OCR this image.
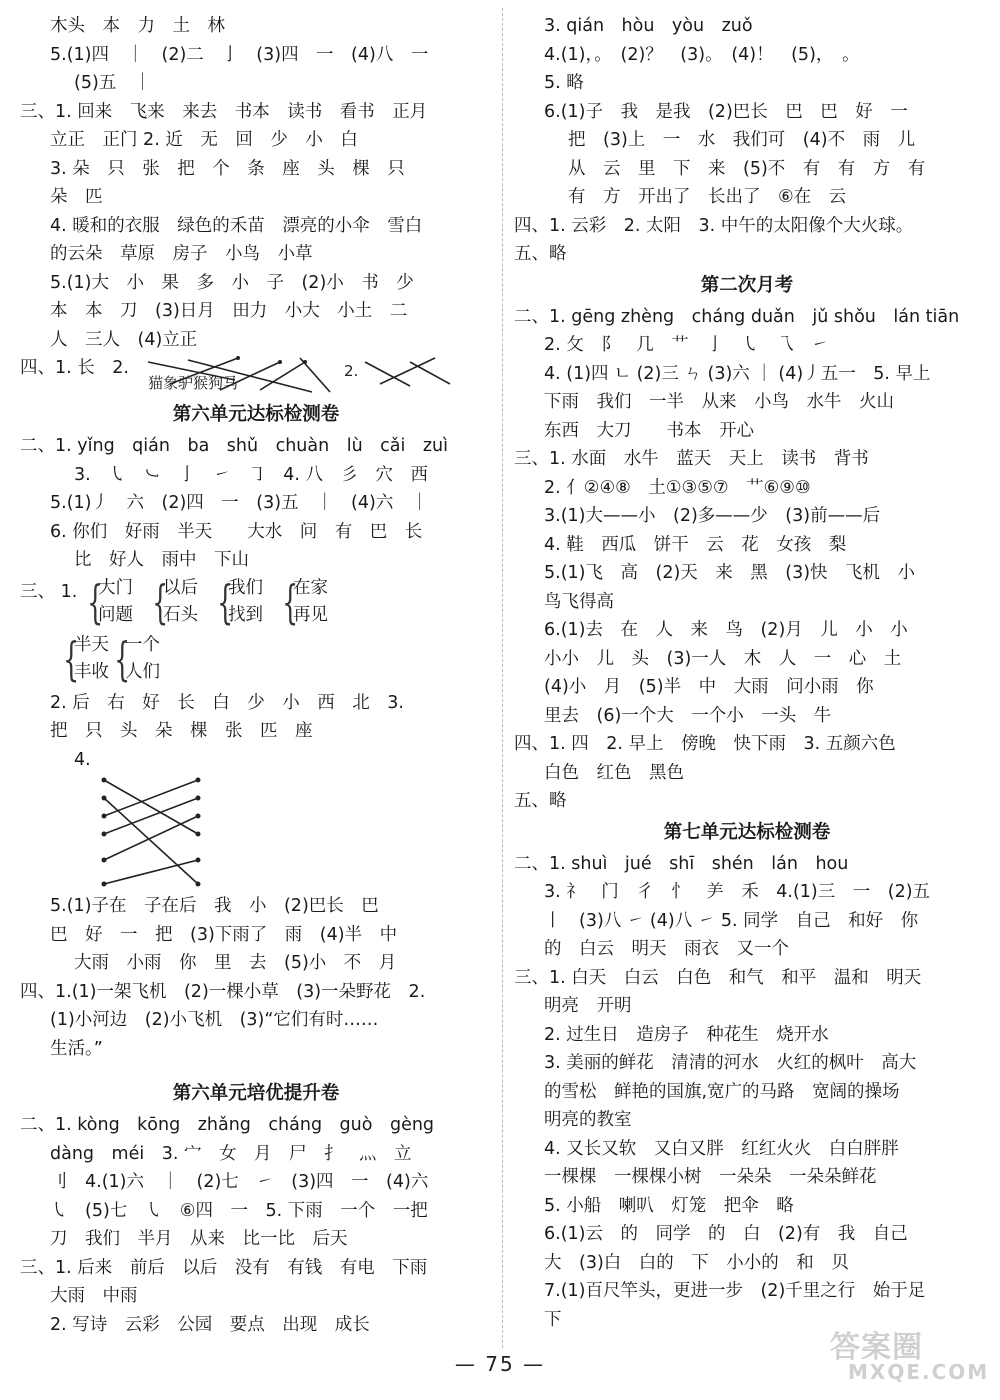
木头　本　力　土　林
5.(1)四　｜　(2)二　亅　(3)四　一　(4)八　一
(5)五　｜
三、1. 回来　飞来　来去　书本　读书　看书　正月
立正　正门 2. 近　无　回　少　小　白
3. 朵　只　张　把　个　条　座　头　棵　只
朵　匹
4. 暖和的衣服　绿色的禾苗　漂亮的小伞　雪白
的云朵　草原　房子　小鸟　小草
5.(1)大　小　果　多　小　子　(2)小　书　少
本　本　刀　(3)日月　田力　小大　小土　二
人　三人　(4)立正
四、1. 长　2.
猫象驴猴狗马
2.
第六单元达标检测卷
二、1. yǐng　qián　ba　shǔ　chuàn　lù　cǎi　zuì
3.　㇂　㇃　亅　㇀　㇆　4. 八　彡　穴　西
5.(1)丿　六　(2)四　一　(3)五　｜　(4)六　｜
6. 你们　好雨　半天　　大水　问　有　巴　长
比　好人　雨中　下山
三、 1. {
大门
问题 {
以后
石头 {
我们
找到 {
在家
再见
{
半天
丰收 {
一个
人们
2. 后　右　好　长　白　少　小　西　北　3.
把　只　头　朵　棵　张　匹　座
4.
5.(1)子在　子在后　我　小　(2)巴长　巴
巴　好　一　把　(3)下雨了　雨　(4)半　中
大雨　小雨　你　里　去　(5)小　不　月
四、1.(1)一架飞机　(2)一棵小草　(3)一朵野花　2.
(1)小河边　(2)小飞机　(3)“它们有时……
生活。”
第六单元培优提升卷
二、1. kòng　kōng　zhǎng　cháng　guò　gèng
dàng　méi　3. 宀　女　月　尸　扌　灬　立
刂　4.(1)六　｜　(2)七　㇀　(3)四　一　(4)六
㇂　(5)七　㇂　⑥四　一　5. 下雨　一个　一把
刀　我们　半月　从来　比一比　后天
三、1. 后来　前后　以后　没有　有钱　有电　下雨
大雨　中雨
2. 写诗　云彩　公园　要点　出现　成长
3. qián　hòu　yòu　zuǒ
4.(1)，。　(2)？　(3)。　(4)！　(5)，　。
5. 略
6.(1)子　我　是我　(2)巴长　巴　巴　好　一
把　(3)上　一　水　我们可　(4)不　雨　儿
从　云　里　下　来　(5)不　有　有　方　有
有　方　开出了　长出了　⑥在　云
四、1. 云彩　2. 太阳　3. 中午的太阳像个大火球。
五、略
第二次月考
二、1. gēng zhèng　cháng duǎn　jǔ shǒu　lán tiān
2. 攵　阝　几　艹　亅　㇂　乁　㇀
4. (1)四 ㄴ (2)三 ㄣ (3)六 ｜ (4)丿五一　5. 早上
下雨　我们　一半　从来　小鸟　水牛　火山
东西　大刀　　书本　开心
三、1. 水面　水牛　蓝天　天上　读书　背书
2. 亻②④⑧　土①③⑤⑦　艹⑥⑨⑩
3.(1)大——小　(2)多——少　(3)前——后
4. 鞋　西瓜　饼干　云　花　女孩　梨
5.(1)飞　高　(2)天　来　黑　(3)快　飞机　小
鸟飞得高
6.(1)去　在　人　来　鸟　(2)月　儿　小　小
小小　儿　头　(3)一人　木　人　一　心　土
(4)小　月　(5)半　中　大雨　问小雨　你
里去　(6)一个大　一个小　一头　牛
四、1. 四　2. 早上　傍晚　快下雨　3. 五颜六色
白色　红色　黑色
五、略
第七单元达标检测卷
二、1. shuì　jué　shī　shén　lán　hou
3. 礻　门　彳　忄　⺶　禾　4.(1)三　一　(2)五
丨　(3)八 ㇀ (4)八 ㇀ 5. 同学　自己　和好　你
的　白云　明天　雨衣　又一个
三、1. 白天　白云　白色　和气　和平　温和　明天
明亮　开明
2. 过生日　造房子　种花生　烧开水
3. 美丽的鲜花　清清的河水　火红的枫叶　高大
的雪松　鲜艳的国旗,宽广的马路　宽阔的操场
明亮的教室
4. 又长又软　又白又胖　红红火火　白白胖胖
一棵棵　一棵棵小树　一朵朵　一朵朵鲜花
5. 小船　喇叭　灯笼　把伞　略
6.(1)云　的　同学　的　白　(2)有　我　自己
大　(3)白　白的　下　小小的　和　贝
7.(1)百尺竿头，更进一步　(2)千里之行　始于足
下
— 75 —	答案圈
MXQE.COM
